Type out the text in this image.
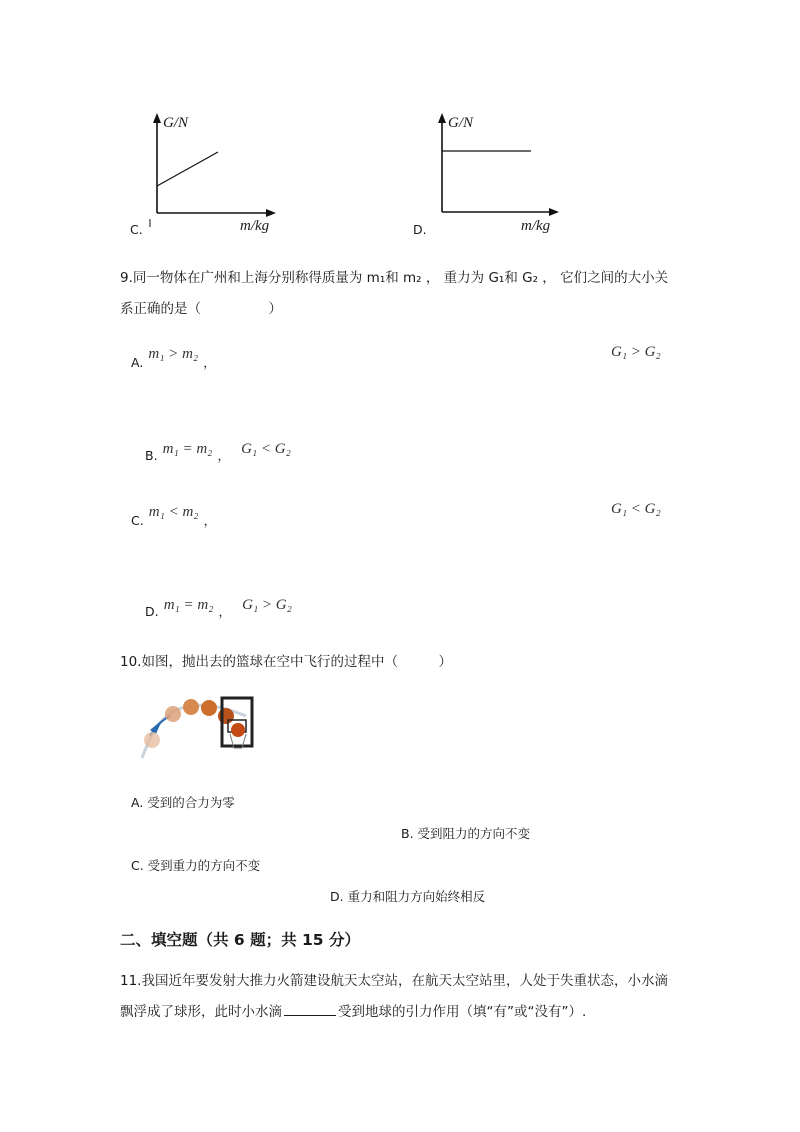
C.
G/N
m/kg	D.
G/N
m/kg
9.同一物体在广州和上海分别称得质量为 m₁和 m₂ ， 重力为 G₁和 G₂ ， 它们之间的大小关
系正确的是（　　　　　）
$_{A.}$ m₁ > m₂ $_,$
G₁ > G₂
$_{B.}$ m₁ = m₂ $_,$ G₁ < G₂
$_{C.}$ m₁ < m₂ $_,$
G₁ < G₂
$_{D.}$ m₁ = m₂ $_,$ G₁ > G₂
10.如图，抛出去的篮球在空中飞行的过程中（　　　）
A. 受到的合力为零
B. 受到阻力的方向不变
C. 受到重力的方向不变
D. 重力和阻力方向始终相反
二、填空题（共 6 题；共 15 分）
11.我国近年要发射大推力火箭建设航天太空站，在航天太空站里，人处于失重状态，小水滴
飘浮成了球形，此时小水滴	受到地球的引力作用（填“有”或“没有”）.
